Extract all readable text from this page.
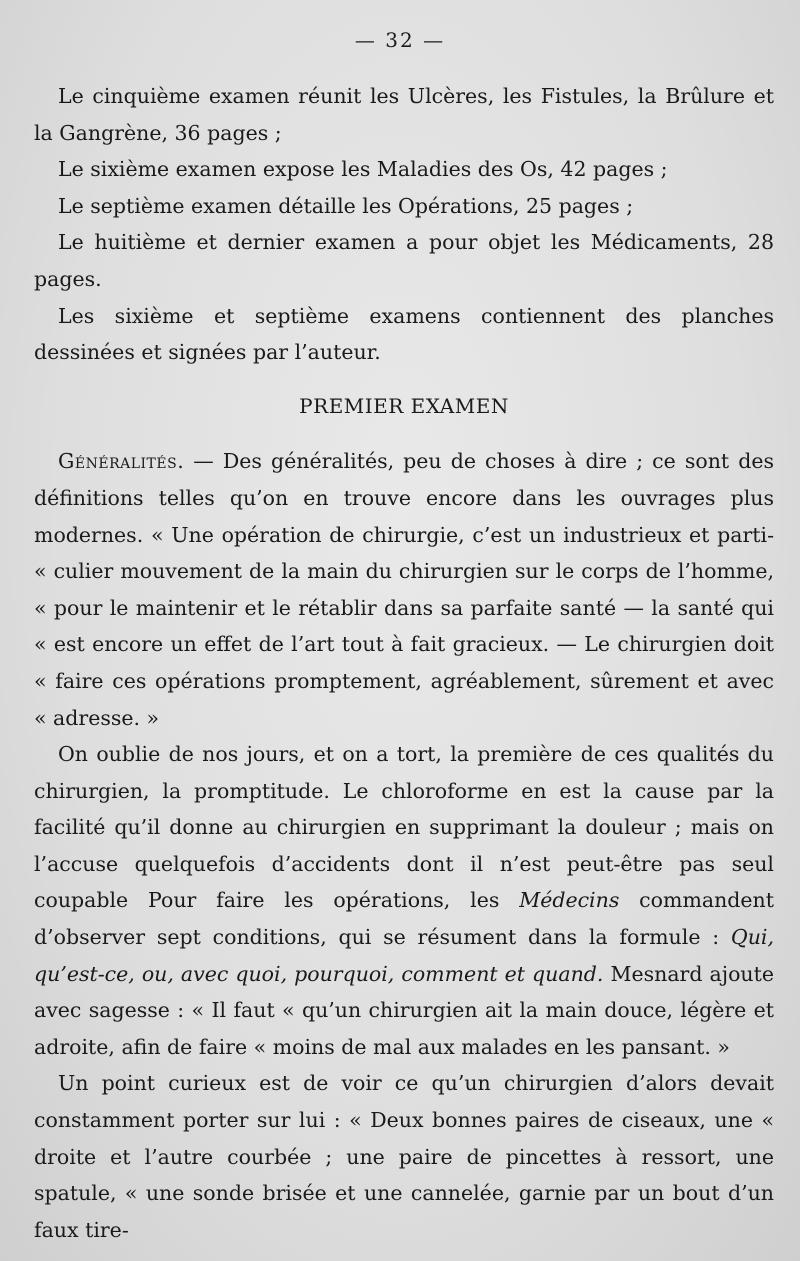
— 32 —

Le cinquième examen réunit les Ulcères, les Fistules, la Brûlure et la Gangrène, 36 pages ;

Le sixième examen expose les Maladies des Os, 42 pages ;

Le septième examen détaille les Opérations, 25 pages ;

Le huitième et dernier examen a pour objet les Médicaments, 28 pages.

Les sixième et septième examens contiennent des planches dessinées et signées par l’auteur.

PREMIER EXAMEN

Généralités. — Des généralités, peu de choses à dire ; ce sont des définitions telles qu’on en trouve encore dans les ouvrages plus modernes. « Une opération de chirurgie, c’est un industrieux et parti- « culier mouvement de la main du chirurgien sur le corps de l’homme, « pour le maintenir et le rétablir dans sa parfaite santé — la santé qui « est encore un effet de l’art tout à fait gracieux. — Le chirurgien doit « faire ces opérations promptement, agréablement, sûrement et avec « adresse. »

On oublie de nos jours, et on a tort, la première de ces qualités du chirurgien, la promptitude. Le chloroforme en est la cause par la facilité qu’il donne au chirurgien en supprimant la douleur ; mais on l’accuse quelquefois d’accidents dont il n’est peut-être pas seul coupable Pour faire les opérations, les Médecins commandent d’observer sept conditions, qui se résument dans la formule : Qui, qu’est-ce, ou, avec quoi, pourquoi, comment et quand. Mesnard ajoute avec sagesse : « Il faut « qu’un chirurgien ait la main douce, légère et adroite, afin de faire « moins de mal aux malades en les pansant. »

Un point curieux est de voir ce qu’un chirurgien d’alors devait constamment porter sur lui : « Deux bonnes paires de ciseaux, une « droite et l’autre courbée ; une paire de pincettes à ressort, une spatule, « une sonde brisée et une cannelée, garnie par un bout d’un faux tire-
